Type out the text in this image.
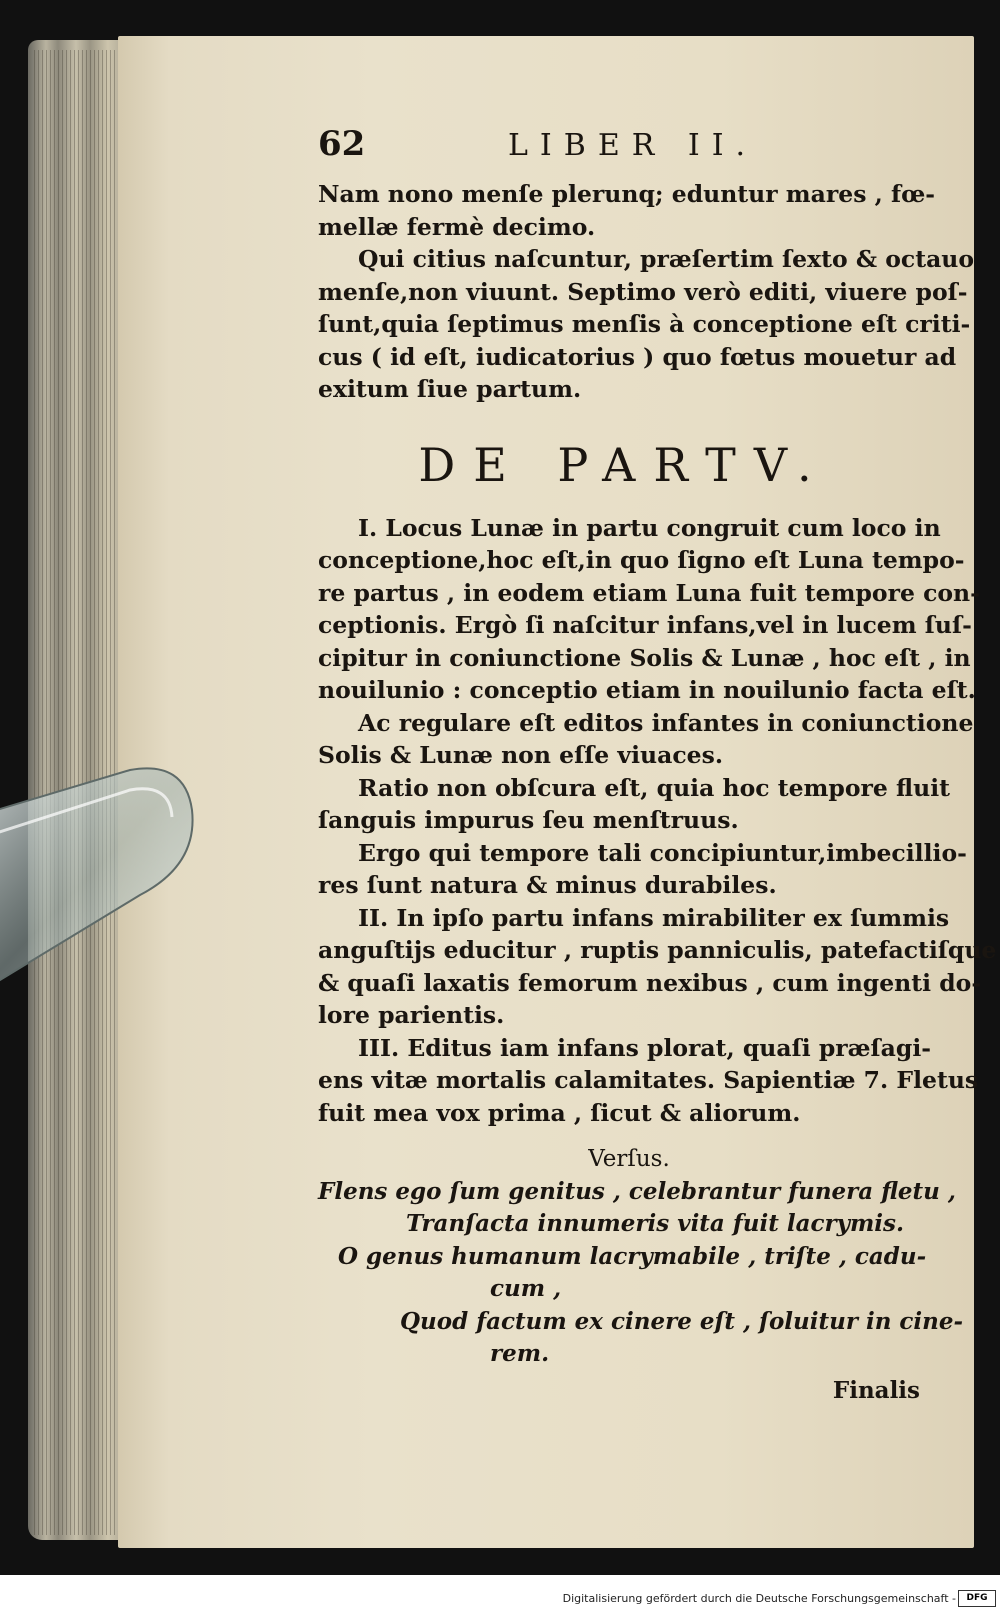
62	LIBER II.
Nam nono menſe plerunq; eduntur mares , fœ-
mellæ fermè decimo.
Qui citius naſcuntur, præſertim ſexto & octauo
menſe,non viuunt. Septimo verò editi, viuere poſ-
ſunt,quia ſeptimus menſis à conceptione eſt criti-
cus ( id eſt, iudicatorius ) quo fœtus mouetur ad
exitum ſiue partum.
DE PARTV.
I. Locus Lunæ in partu congruit cum loco in
conceptione,hoc eſt,in quo ſigno eſt Luna tempo-
re partus , in eodem etiam Luna fuit tempore con-
ceptionis. Ergò ſi naſcitur infans,vel in lucem ſuſ-
cipitur in coniunctione Solis & Lunæ , hoc eſt , in
nouilunio : conceptio etiam in nouilunio facta eſt.
Ac regulare eſt editos infantes in coniunctione
Solis & Lunæ non eſſe viuaces.
Ratio non obſcura eſt, quia hoc tempore fluit
ſanguis impurus ſeu menſtruus.
Ergo qui tempore tali concipiuntur,imbecillio-
res ſunt natura & minus durabiles.
II. In ipſo partu infans mirabiliter ex ſummis
anguſtijs educitur , ruptis panniculis, patefactiſque
& quaſi laxatis femorum nexibus , cum ingenti do-
lore parientis.
III. Editus iam infans plorat, quaſi præſagi-
ens vitæ mortalis calamitates. Sapientiæ 7. Fletus
fuit mea vox prima , ſicut & aliorum.
Verſus.
Flens ego ſum genitus , celebrantur funera fletu ,
Tranſacta innumeris vita fuit lacrymis.
O genus humanum lacrymabile , triſte , cadu-
cum ,
Quod factum ex cinere eſt , ſoluitur in cine-
rem.
Finalis
Digitalisierung gefördert durch die Deutsche Forschungsgemeinschaft -	DFG
